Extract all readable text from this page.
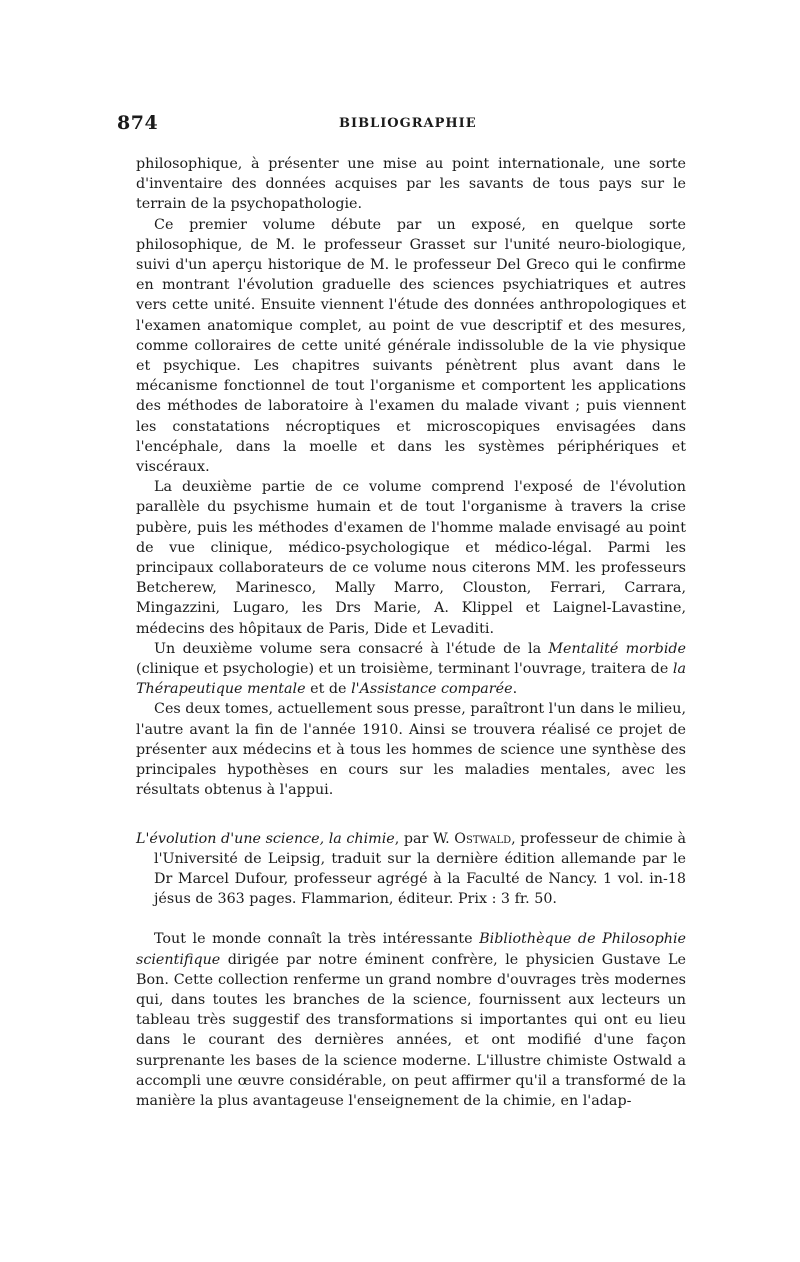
874	BIBLIOGRAPHIE

philosophique, à présenter une mise au point internationale, une sorte d'inventaire des données acquises par les savants de tous pays sur le terrain de la psychopathologie.

Ce premier volume débute par un exposé, en quelque sorte philosophique, de M. le professeur Grasset sur l'unité neuro-biologique, suivi d'un aperçu historique de M. le professeur Del Greco qui le confirme en montrant l'évolution graduelle des sciences psychiatriques et autres vers cette unité. Ensuite viennent l'étude des données anthropologiques et l'examen anatomique complet, au point de vue descriptif et des mesures, comme colloraires de cette unité générale indissoluble de la vie physique et psychique. Les chapitres suivants pénètrent plus avant dans le mécanisme fonctionnel de tout l'organisme et comportent les applications des méthodes de laboratoire à l'examen du malade vivant ; puis viennent les constatations nécroptiques et microscopiques envisagées dans l'encéphale, dans la moelle et dans les systèmes périphériques et viscéraux.

La deuxième partie de ce volume comprend l'exposé de l'évolution parallèle du psychisme humain et de tout l'organisme à travers la crise pubère, puis les méthodes d'examen de l'homme malade envisagé au point de vue clinique, médico-psychologique et médico-légal. Parmi les principaux collaborateurs de ce volume nous citerons MM. les professeurs Betcherew, Marinesco, Mally Marro, Clouston, Ferrari, Carrara, Mingazzini, Lugaro, les Drs Marie, A. Klippel et Laignel-Lavastine, médecins des hôpitaux de Paris, Dide et Levaditi.

Un deuxième volume sera consacré à l'étude de la Mentalité morbide (clinique et psychologie) et un troisième, terminant l'ouvrage, traitera de la Thérapeutique mentale et de l'Assistance comparée.

Ces deux tomes, actuellement sous presse, paraîtront l'un dans le milieu, l'autre avant la fin de l'année 1910. Ainsi se trouvera réalisé ce projet de présenter aux médecins et à tous les hommes de science une synthèse des principales hypothèses en cours sur les maladies mentales, avec les résultats obtenus à l'appui.

L'évolution d'une science, la chimie, par W. Ostwald, professeur de chimie à l'Université de Leipsig, traduit sur la dernière édition allemande par le Dr Marcel Dufour, professeur agrégé à la Faculté de Nancy. 1 vol. in-18 jésus de 363 pages. Flammarion, éditeur. Prix : 3 fr. 50.

Tout le monde connaît la très intéressante Bibliothèque de Philosophie scientifique dirigée par notre éminent confrère, le physicien Gustave Le Bon. Cette collection renferme un grand nombre d'ouvrages très modernes qui, dans toutes les branches de la science, fournissent aux lecteurs un tableau très suggestif des transformations si importantes qui ont eu lieu dans le courant des dernières années, et ont modifié d'une façon surprenante les bases de la science moderne. L'illustre chimiste Ostwald a accompli une œuvre considérable, on peut affirmer qu'il a transformé de la manière la plus avantageuse l'enseignement de la chimie, en l'adap-
